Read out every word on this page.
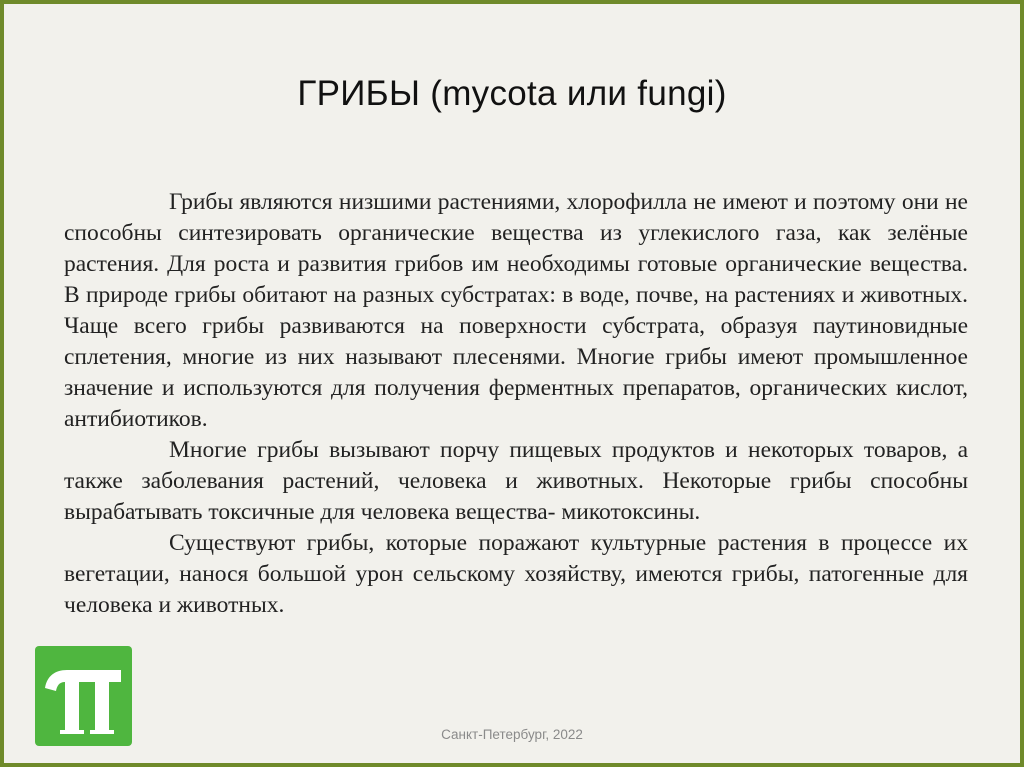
ГРИБЫ (mycota или fungi)

Грибы являются низшими растениями, хлорофилла не имеют и поэтому они не способны синтезировать органические вещества из углекислого газа, как зелёные растения. Для роста и развития грибов им необходимы готовые органические вещества. В природе грибы обитают на разных субстратах: в воде, почве, на растениях и животных. Чаще всего грибы развиваются на поверхности субстрата, образуя паутиновидные сплетения, многие из них называют плесенями. Многие грибы имеют промышленное значение и используются для получения ферментных препаратов, органических кислот, антибиотиков.

Многие грибы вызывают порчу пищевых продуктов и некоторых товаров, а также заболевания растений, человека и животных. Некоторые грибы способны вырабатывать токсичные для человека вещества- микотоксины.

Существуют грибы, которые поражают культурные растения в процессе их вегетации, нанося большой урон сельскому хозяйству, имеются грибы, патогенные для человека и животных.

Санкт-Петербург, 2022
